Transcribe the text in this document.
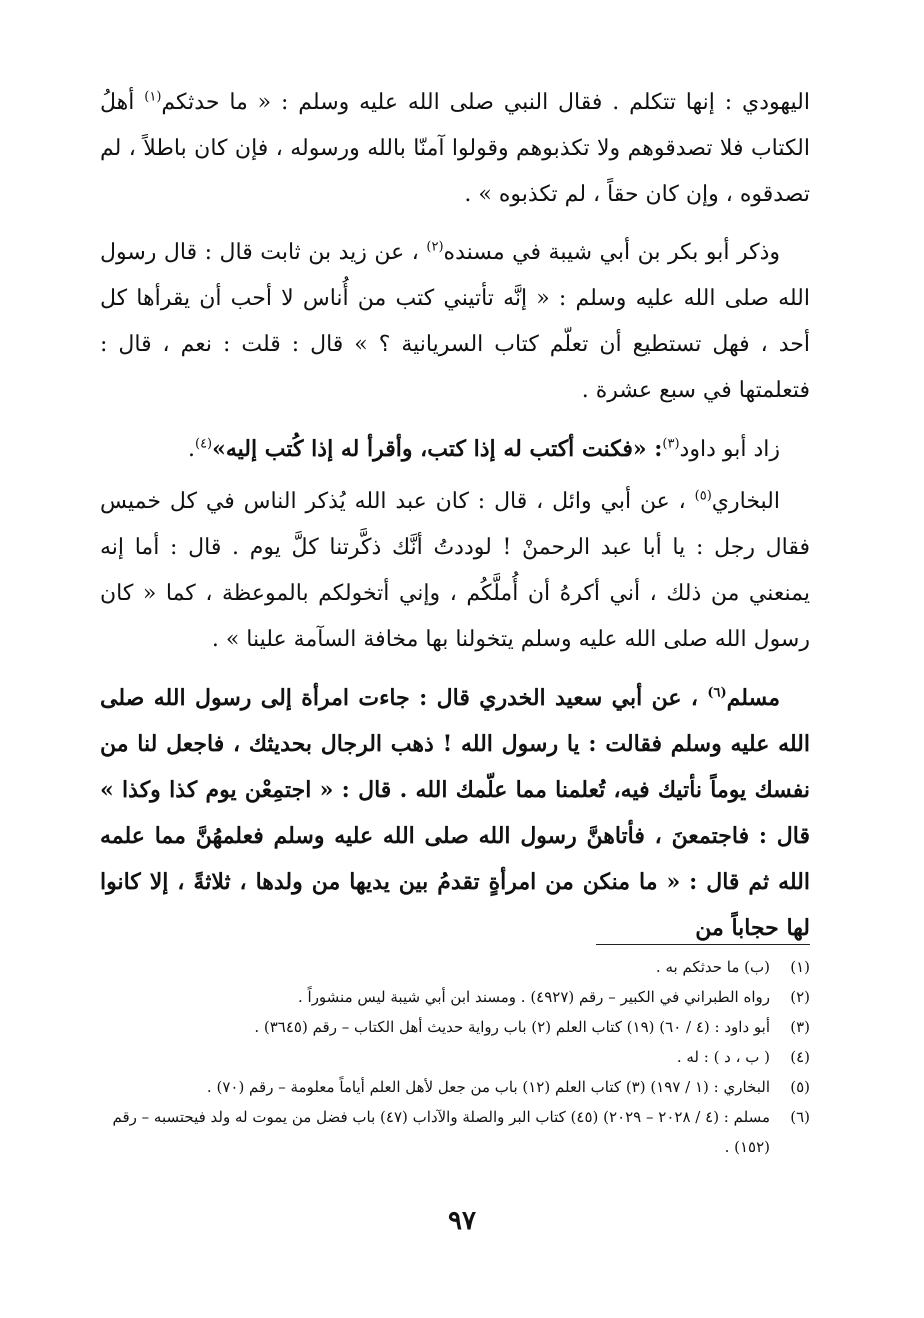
اليهودي : إنها تتكلم . فقال النبي صلى الله عليه وسلم : « ما حدثكم$^{(١)}$ أهلُ الكتاب فلا تصدقوهم ولا تكذبوهم وقولوا آمنّا بالله ورسوله ، فإن كان باطلاً ، لم تصدقوه ، وإن كان حقاً ، لم تكذبوه » .

وذكر أبو بكر بن أبي شيبة في مسنده$^{(٢)}$ ، عن زيد بن ثابت قال : قال رسول الله صلى الله عليه وسلم : « إنَّه تأتيني كتب من أُناس لا أحب أن يقرأها كل أحد ، فهل تستطيع أن تعلّم كتاب السريانية ؟ » قال : قلت : نعم ، قال : فتعلمتها في سبع عشرة .

زاد أبو داود$^{(٣)}$: «فكنت أكتب له إذا كتب، وأقرأ له إذا كُتب إليه»$^{(٤)}$.

البخاري$^{(٥)}$ ، عن أبي وائل ، قال : كان عبد الله يُذكر الناس في كل خميس فقال رجل : يا أبا عبد الرحمنْ ! لوددتُ أنَّك ذكَّرتنا كلَّ يوم . قال : أما إنه يمنعني من ذلك ، أني أكرهُ أن أُملَّكُم ، وإني أتخولكم بالموعظة ، كما « كان رسول الله صلى الله عليه وسلم يتخولنا بها مخافة السآمة علينا » .

مسلم$^{(٦)}$ ، عن أبي سعيد الخدري قال : جاءت امرأة إلى رسول الله صلى الله عليه وسلم فقالت : يا رسول الله ! ذهب الرجال بحديثك ، فاجعل لنا من نفسك يوماً نأتيك فيه، تُعلمنا مما علّمك الله . قال : « اجتمِعْن يوم كذا وكذا » قال : فاجتمعنَ ، فأتاهنَّ رسول الله صلى الله عليه وسلم فعلمهُنَّ مما علمه الله ثم قال : « ما منكن من امرأةٍ تقدمُ بين يديها من ولدها ، ثلاثةً ، إلا كانوا لها حجاباً من

(١)
(ب) ما حدثكم به .
(٢)
رواه الطبراني في الكبير – رقم (٤٩٢٧) . ومسند ابن أبي شيبة ليس منشوراً .
(٣)
أبو داود : (٤ / ٦٠) (١٩) كتاب العلم (٢) باب رواية حديث أهل الكتاب – رقم (٣٦٤٥) .
(٤)
( ب ، د ) : له .
(٥)
البخاري : (١ / ١٩٧) (٣) كتاب العلم (١٢) باب من جعل لأهل العلم أياماً معلومة – رقم (٧٠) .
(٦)
مسلم : (٤ / ٢٠٢٨ – ٢٠٢٩) (٤٥) كتاب البر والصلة والآداب (٤٧) باب فضل من يموت له ولد فيحتسبه – رقم (١٥٢) .
٩٧
